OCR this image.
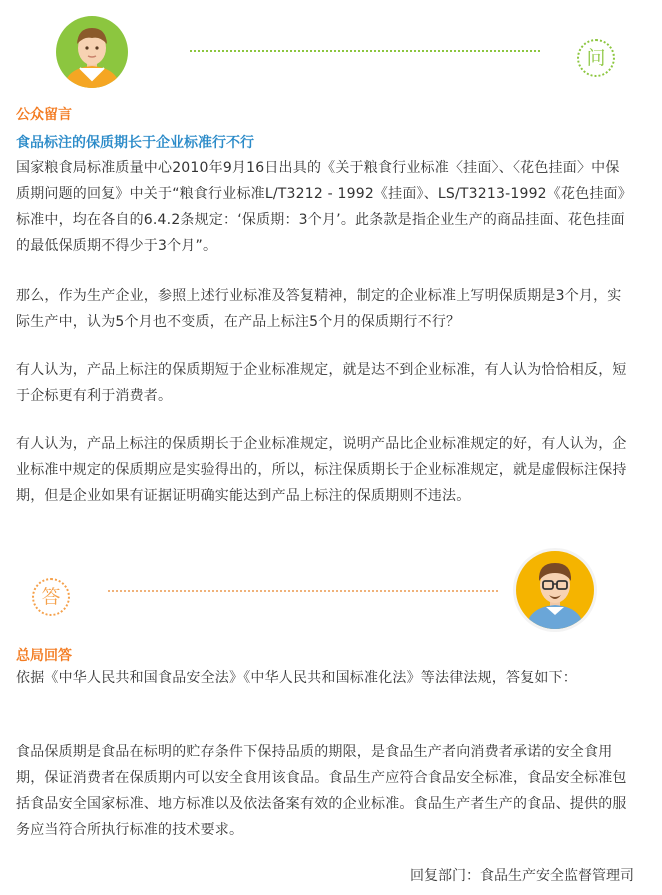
问
公众留言
食品标注的保质期长于企业标准行不行

国家粮食局标准质量中心2010年9月16日出具的《关于粮食行业标准〈挂面〉、〈花色挂面〉中保质期问题的回复》中关于“粮食行业标准L/T3212 - 1992《挂面》、LS/T3213-1992《花色挂面》标准中，均在各自的6.4.2条规定：‘保质期：3个月’。此条款是指企业生产的商品挂面、花色挂面的最低保质期不得少于3个月”。

那么，作为生产企业，参照上述行业标准及答复精神，制定的企业标准上写明保质期是3个月，实际生产中，认为5个月也不变质，在产品上标注5个月的保质期行不行？

有人认为，产品上标注的保质期短于企业标准规定，就是达不到企业标准，有人认为恰恰相反，短于企标更有利于消费者。

有人认为，产品上标注的保质期长于企业标准规定，说明产品比企业标准规定的好，有人认为，企业标准中规定的保质期应是实验得出的，所以，标注保质期长于企业标准规定，就是虚假标注保持期，但是企业如果有证据证明确实能达到产品上标注的保质期则不违法。

答
总局回答

依据《中华人民共和国食品安全法》《中华人民共和国标准化法》等法律法规，答复如下：

食品保质期是食品在标明的贮存条件下保持品质的期限，是食品生产者向消费者承诺的安全食用期，保证消费者在保质期内可以安全食用该食品。食品生产应符合食品安全标准，食品安全标准包括食品安全国家标准、地方标准以及依法备案有效的企业标准。食品生产者生产的食品、提供的服务应当符合所执行标准的技术要求。

回复部门：食品生产安全监督管理司
